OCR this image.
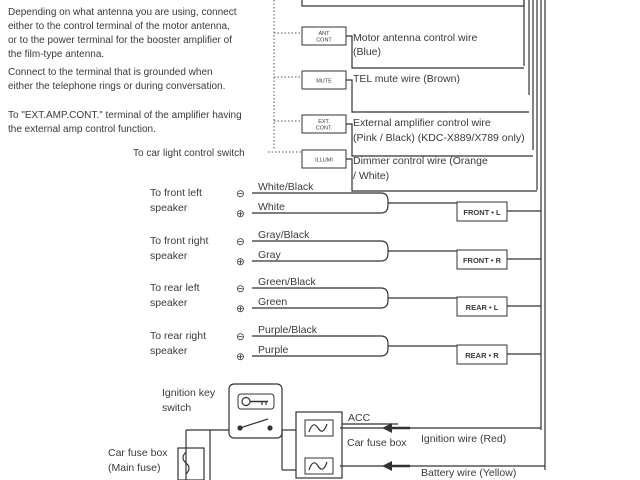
Depending on what antenna you are using, connect
either to the control terminal of the motor antenna,
or to the power terminal for the booster amplifier of
the film-type antenna.
Connect to the terminal that is grounded when
either the telephone rings or during conversation.
To "EXT.AMP.CONT." terminal of the amplifier having
the external amp control function.
To car light control switch
ANT
CONT Motor antenna control wire
(Blue)
MUTE TEL mute wire (Brown)
EXT.
CONT. External amplifier control wire
(Pink / Black) (KDC-X889/X789 only)
ILLUMI Dimmer control wire (Orange
/ White)
To front left
speaker
⊖
⊕
White/Black
White	FRONT • L
To front right
speaker
⊖
⊕
Gray/Black
Gray	FRONT • R
To rear left
speaker
⊖
⊕
Green/Black
Green	REAR • L
To rear right
speaker
⊖
⊕
Purple/Black
Purple	REAR • R
Ignition key
switch
ACC
Car fuse box Ignition wire (Red)
Battery wire (Yellow)
Car fuse box
(Main fuse)
